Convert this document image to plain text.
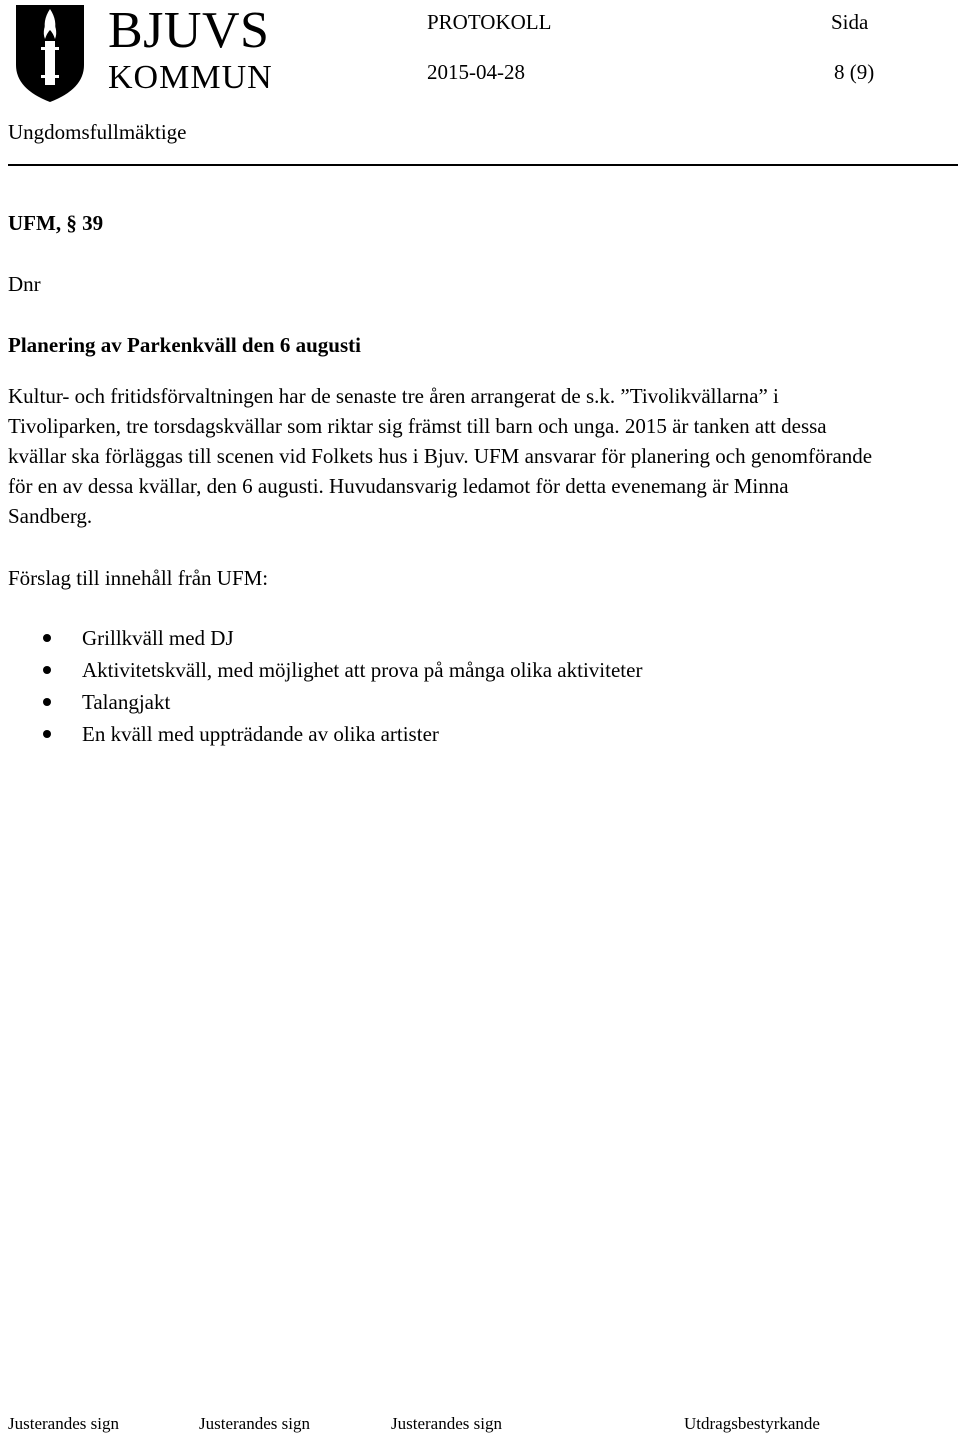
BJUVS
KOMMUN
PROTOKOLL	Sida
2015-04-28	8 (9)
Ungdomsfullmäktige
UFM, § 39
Dnr
Planering av Parkenkväll den 6 augusti
Kultur- och fritidsförvaltningen har de senaste tre åren arrangerat de s.k. ”Tivolikvällarna” i
Tivoliparken, tre torsdagskvällar som riktar sig främst till barn och unga. 2015 är tanken att dessa
kvällar ska förläggas till scenen vid Folkets hus i Bjuv. UFM ansvarar för planering och genomförande
för en av dessa kvällar, den 6 augusti. Huvudansvarig ledamot för detta evenemang är Minna
Sandberg.
Förslag till innehåll från UFM:
Grillkväll med DJ
Aktivitetskväll, med möjlighet att prova på många olika aktiviteter
Talangjakt
En kväll med uppträdande av olika artister
Justerandes sign	Justerandes sign	Justerandes sign	Utdragsbestyrkande
